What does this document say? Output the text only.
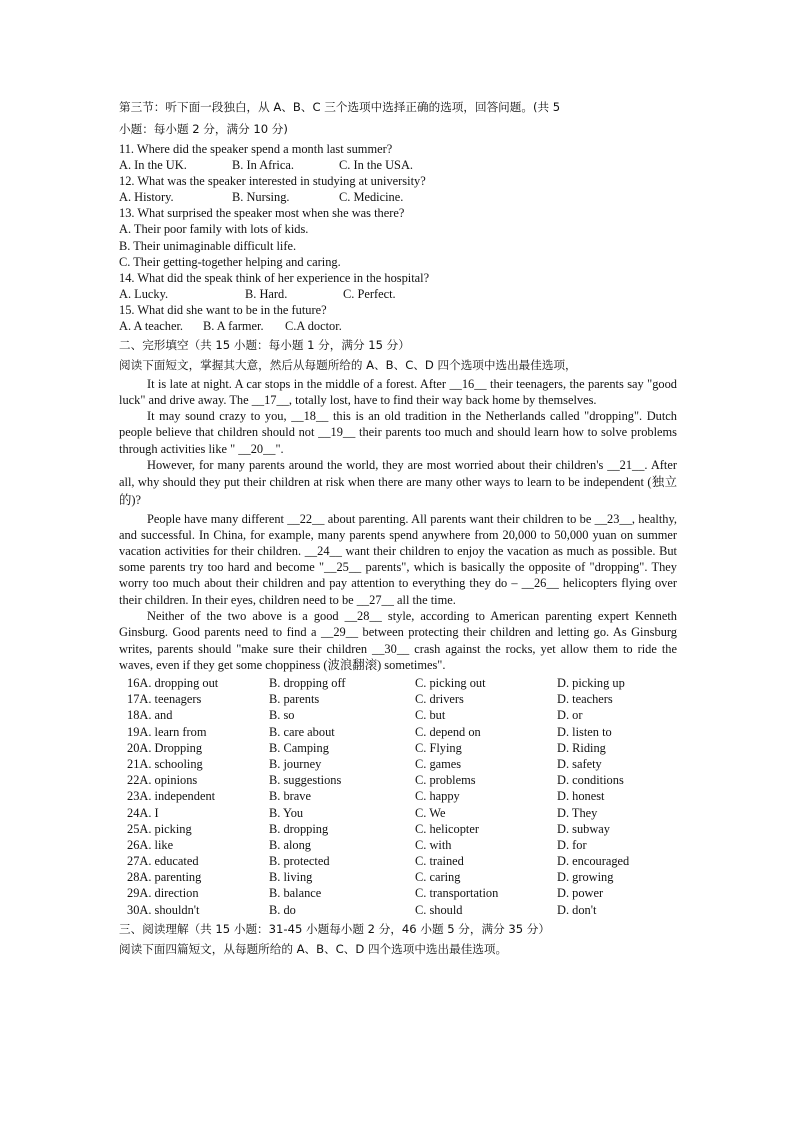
第三节：听下面一段独白，从 A、B、C 三个选项中选择正确的选项，回答问题。(共 5
小题：每小题 2 分，满分 10 分)
11. Where did the speaker spend a month last summer?
A. In the UK.	B. In Africa.	C. In the USA.
12. What was the speaker interested in studying at university?
A. History.	B. Nursing.	C. Medicine.
13. What surprised the speaker most when she was there?
A. Their poor family with lots of kids.
B. Their unimaginable difficult life.
C. Their getting-together helping and caring.
14. What did the speak think of her experience in the hospital?
A. Lucky.	B. Hard.	C. Perfect.
15. What did she want to be in the future?
A. A teacher.	B. A farmer.	C.A doctor.
二、完形填空（共 15 小题：每小题 1 分，满分 15 分）
阅读下面短文，掌握其大意，然后从每题所给的 A、B、C、D 四个选项中选出最佳选项，
It is late at night. A car stops in the middle of a forest. After __16__ their teenagers, the parents say "good luck" and drive away. The __17__, totally lost, have to find their way back home by themselves.
It may sound crazy to you, __18__ this is an old tradition in the Netherlands called "dropping". Dutch people believe that children should not __19__ their parents too much and should learn how to solve problems through activities like " __20__".
However, for many parents around the world, they are most worried about their children's __21__. After all, why should they put their children at risk when there are many other ways to learn to be independent (独立的)?
People have many different __22__ about parenting. All parents want their children to be __23__, healthy, and successful. In China, for example, many parents spend anywhere from 20,000 to 50,000 yuan on summer vacation activities for their children. __24__ want their children to enjoy the vacation as much as possible. But some parents try too hard and become "__25__ parents", which is basically the opposite of "dropping". They worry too much about their children and pay attention to everything they do – __26__ helicopters flying over their children. In their eyes, children need to be __27__ all the time.
Neither of the two above is a good __28__ style, according to American parenting expert Kenneth Ginsburg. Good parents need to find a __29__ between protecting their children and letting go. As Ginsburg writes, parents should "make sure their children __30__ crash against the rocks, yet allow them to ride the waves, even if they get some choppiness (波浪翻滚) sometimes".
16A. dropping out	B. dropping off	C. picking out	D. picking up
17A. teenagers	B. parents	C. drivers	D. teachers
18A. and	B. so	C. but	D. or
19A. learn from	B. care about	C. depend on	D. listen to
20A. Dropping	B. Camping	C. Flying	D. Riding
21A. schooling	B. journey	C. games	D. safety
22A. opinions	B. suggestions	C. problems	D. conditions
23A. independent	B. brave	C. happy	D. honest
24A. I	B. You	C. We	D. They
25A. picking	B. dropping	C. helicopter	D. subway
26A. like	B. along	C. with	D. for
27A. educated	B. protected	C. trained	D. encouraged
28A. parenting	B. living	C. caring	D. growing
29A. direction	B. balance	C. transportation	D. power
30A. shouldn't	B. do	C. should	D. don't
三、阅读理解（共 15 小题：31-45 小题每小题 2 分，46 小题 5 分，满分 35 分）
阅读下面四篇短文，从每题所给的 A、B、C、D 四个选项中选出最佳选项。
